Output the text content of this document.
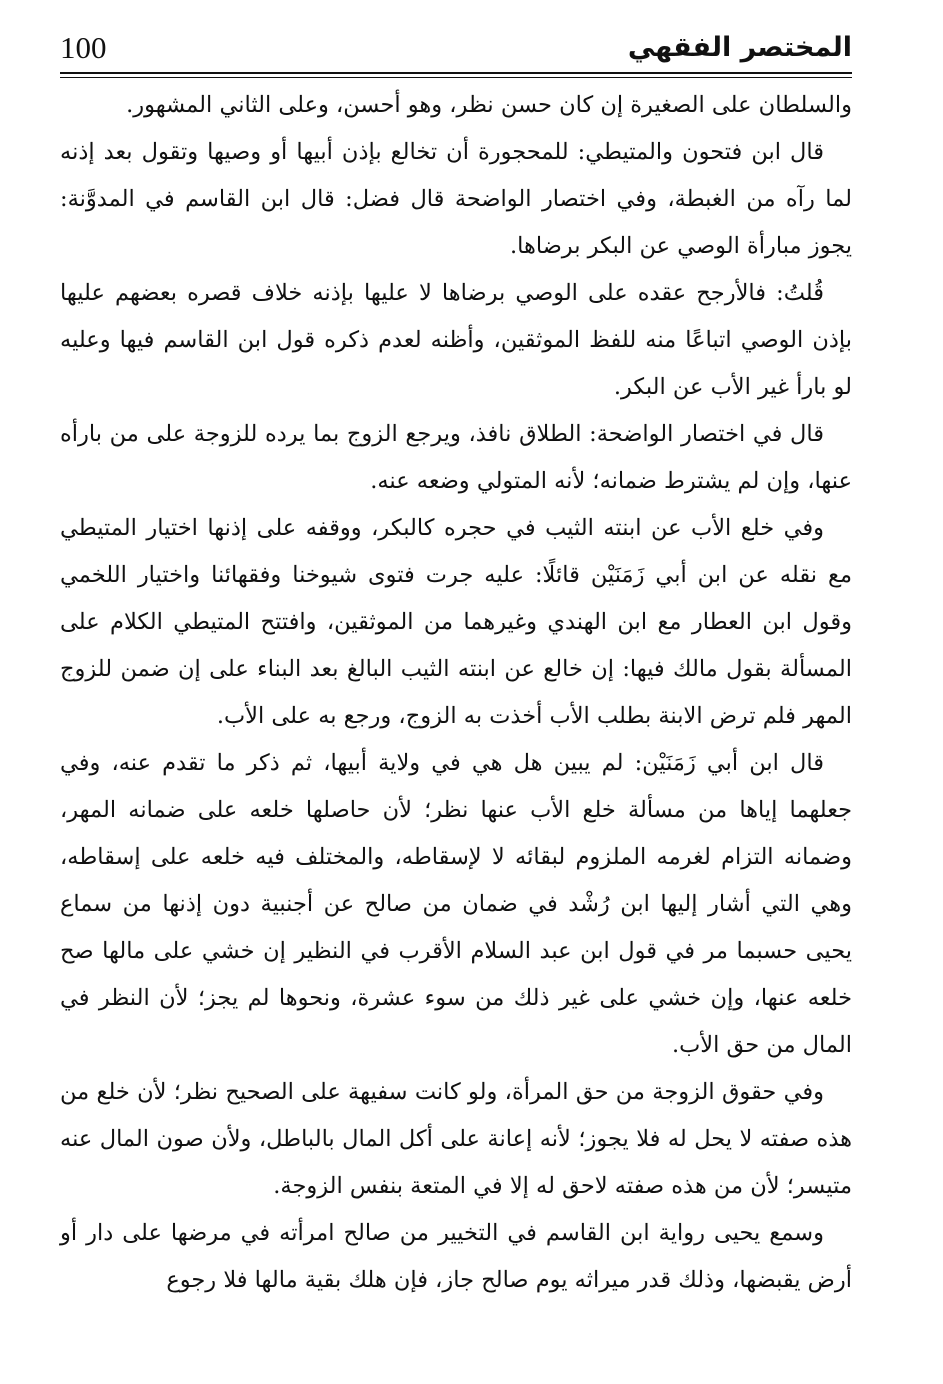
المختصر الفقهي
100

والسلطان على الصغيرة إن كان حسن نظر، وهو أحسن، وعلى الثاني المشهور.

قال ابن فتحون والمتيطي: للمحجورة أن تخالع بإذن أبيها أو وصيها وتقول بعد إذنه لما رآه من الغبطة، وفي اختصار الواضحة قال فضل: قال ابن القاسم في المدوَّنة: يجوز مبارأة الوصي عن البكر برضاها.

قُلتُ: فالأرجح عقده على الوصي برضاها لا عليها بإذنه خلاف قصره بعضهم عليها بإذن الوصي اتباعًا منه للفظ الموثقين، وأظنه لعدم ذكره قول ابن القاسم فيها وعليه لو بارأ غير الأب عن البكر.

قال في اختصار الواضحة: الطلاق نافذ، ويرجع الزوج بما يرده للزوجة على من بارأه عنها، وإن لم يشترط ضمانه؛ لأنه المتولي وضعه عنه.

وفي خلع الأب عن ابنته الثيب في حجره كالبكر، ووقفه على إذنها اختيار المتيطي مع نقله عن ابن أبي زَمَنَيْن قائلًا: عليه جرت فتوى شيوخنا وفقهائنا واختيار اللخمي وقول ابن العطار مع ابن الهندي وغيرهما من الموثقين، وافتتح المتيطي الكلام على المسألة بقول مالك فيها: إن خالع عن ابنته الثيب البالغ بعد البناء على إن ضمن للزوج المهر فلم ترض الابنة بطلب الأب أخذت به الزوج، ورجع به على الأب.

قال ابن أبي زَمَنَيْن: لم يبين هل هي في ولاية أبيها، ثم ذكر ما تقدم عنه، وفي جعلهما إياها من مسألة خلع الأب عنها نظر؛ لأن حاصلها خلعه على ضمانه المهر، وضمانه التزام لغرمه الملزوم لبقائه لا لإسقاطه، والمختلف فيه خلعه على إسقاطه، وهي التي أشار إليها ابن رُشْد في ضمان من صالح عن أجنبية دون إذنها من سماع يحيى حسبما مر في قول ابن عبد السلام الأقرب في النظير إن خشي على مالها صح خلعه عنها، وإن خشي على غير ذلك من سوء عشرة، ونحوها لم يجز؛ لأن النظر في المال من حق الأب.

وفي حقوق الزوجة من حق المرأة، ولو كانت سفيهة على الصحيح نظر؛ لأن خلع من هذه صفته لا يحل له فلا يجوز؛ لأنه إعانة على أكل المال بالباطل، ولأن صون المال عنه متيسر؛ لأن من هذه صفته لاحق له إلا في المتعة بنفس الزوجة.

وسمع يحيى رواية ابن القاسم في التخيير من صالح امرأته في مرضها على دار أو أرض يقبضها، وذلك قدر ميراثه يوم صالح جاز، فإن هلك بقية مالها فلا رجوع
